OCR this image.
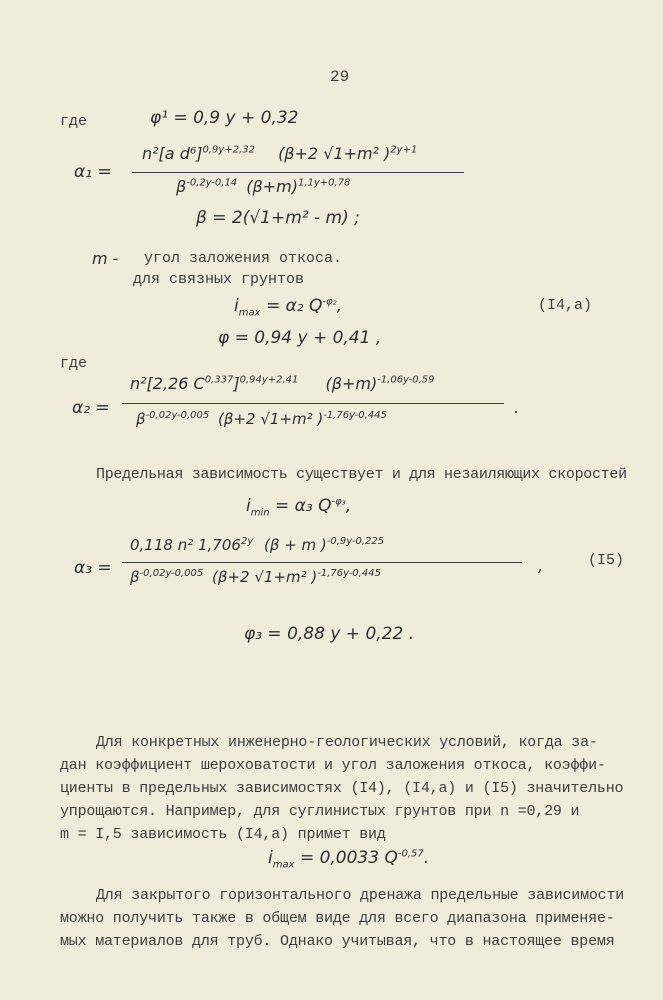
29
где	φ¹ = 0,9 y + 0,32
α₁ =
n²[a d⁶]$^{0,9y+2,32}$ (β+2 √1+m² )$^{2y+1}$
$\beta^{-0,2y-0,14}$ $(\beta+m)^{1,1y+0,78}$
β = 2(√1+m² - m) ;
m - угол заложения откоса.
для связных грунтов
$i_{max} = \alpha_2$ $Q^{-\varphi_2}$,	(I4,а)
φ = 0,94 y + 0,41 ,
где
α₂ =
n²[2,26 C$^{0,337}$]$^{0,94y+2,41}$ $(\beta+m)^{-1,06y-0,59}$
$\beta^{-0,02y-0,005}$ (β+2 √1+m² )$^{-1,76y-0,445}$	.
Предельная зависимость существует и для незаиляющих скоростей
$i_{min} = \alpha_3$ $Q^{-\varphi_3}$,
α₃ =
0,118 n² $1,706^{2y}$ (β + m )$^{-0,9y-0,225}$
$\beta^{-0,02y-0,005}$ (β+2 √1+m² )$^{-1,76y-0,445}$	,	(I5)
φ₃ = 0,88 y + 0,22 .

Для конкретных инженерно-геологических условий, когда за-

дан коэффициент шероховатости и угол заложения откоса, коэффи-

циенты в предельных зависимостях (I4), (I4,а) и (I5) значительно

упрощаются. Например, для суглинистых грунтов при n =0,29 и

m = I,5 зависимость (I4,а) примет вид

$i_{max} = 0,0033$ $Q^{-0,57}$.

Для закрытого горизонтального дренажа предельные зависимости

можно получить также в общем виде для всего диапазона применяе-

мых материалов для труб. Однако учитывая, что в настоящее время
